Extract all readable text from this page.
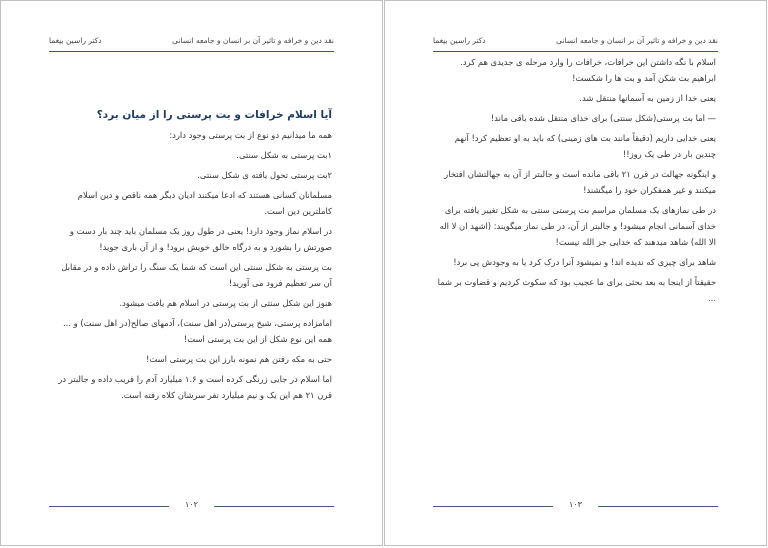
نقد دین و خرافه و تاثیر آن بر انسان و جامعه انسانی
دکتر راسین بیغما
آیا اسلام خرافات و بت پرستی را از میان برد؟

همه ما میدانیم دو نوع از بت پرستی وجود دارد:

۱بت پرستی به شکل سنتی.

۲بت پرستی تحول یافته ی شکل سنتی.

مسلمانان کسانی هستند که ادعا میکنند ادیان دیگر همه ناقص و دین اسلام کاملترین دین است.

در اسلام نماز وجود دارد! یعنی در طول روز یک مسلمان باید چند بار دست و صورتش را بشورد و به درگاه خالق خویش برود! و از آن باری جوید!

بت پرستی به شکل سنتی این است که شما یک سنگ را تراش داده و در مقابل آن سر تعظیم فرود می آورید!

هنوز این شکل سنتی از بت پرستی در اسلام هم یافت میشود.

امامزاده پرستی، شیخ پرستی(در اهل سنت)، آدمهای صالح(در اهل سنت) و ... همه این نوع شکل از این بت پرستی است!

حتی به مکه رفتن هم نمونه بارز این بت پرستی است!

اما اسلام در جایی زرنگی کرده است و ۱.۶ میلیارد آدم را فریب داده و جالبتر در قرن ۲۱ هم این یک و نیم میلیارد نفر سرشان کلاه رفته است.

۱۰۲
نقد دین و خرافه و تاثیر آن بر انسان و جامعه انسانی
دکتر راسین بیغما

اسلام با نگه داشتن این خرافات، خرافات را وارد مرحله ی جدیدی هم کرد. ابراهیم بت شکن آمد و بت ها را شکست!

یعنی خدا از زمین به آسمانها منتقل شد.

— اما بت پرستی(شکل سنتی) برای خدای منتقل شده باقی ماند!

یعنی خدایی داریم (دقیقاً مانند بت های زمینی) که باید به او تعظیم کرد! آنهم چندین بار در طی یک روز!!

و اینگونه جهالت در قرن ۲۱ باقی مانده است و جالبتر از آن به جهالتشان افتخار میکنند و غیر همفکران خود را میگشند!

در طی نمازهای یک مسلمان مراسم بت پرستی سنتی به شکل تغییر یافته برای خدای آسمانی انجام میشود! و جالبتر از آن، در طی نماز میگویند: (اشهد ان لا اله الا الله) شاهد میدهند که خدایی جز الله نیست!

شاهد برای چیزی که ندیده اند! و نمیشود آنرا درک کرد یا به وجودش پی برد!

حقیقتاً از اینجا به بعد بحثی برای ما عجیب بود که سکوت کردیم و قضاوت بر شما ...

۱۰۳
